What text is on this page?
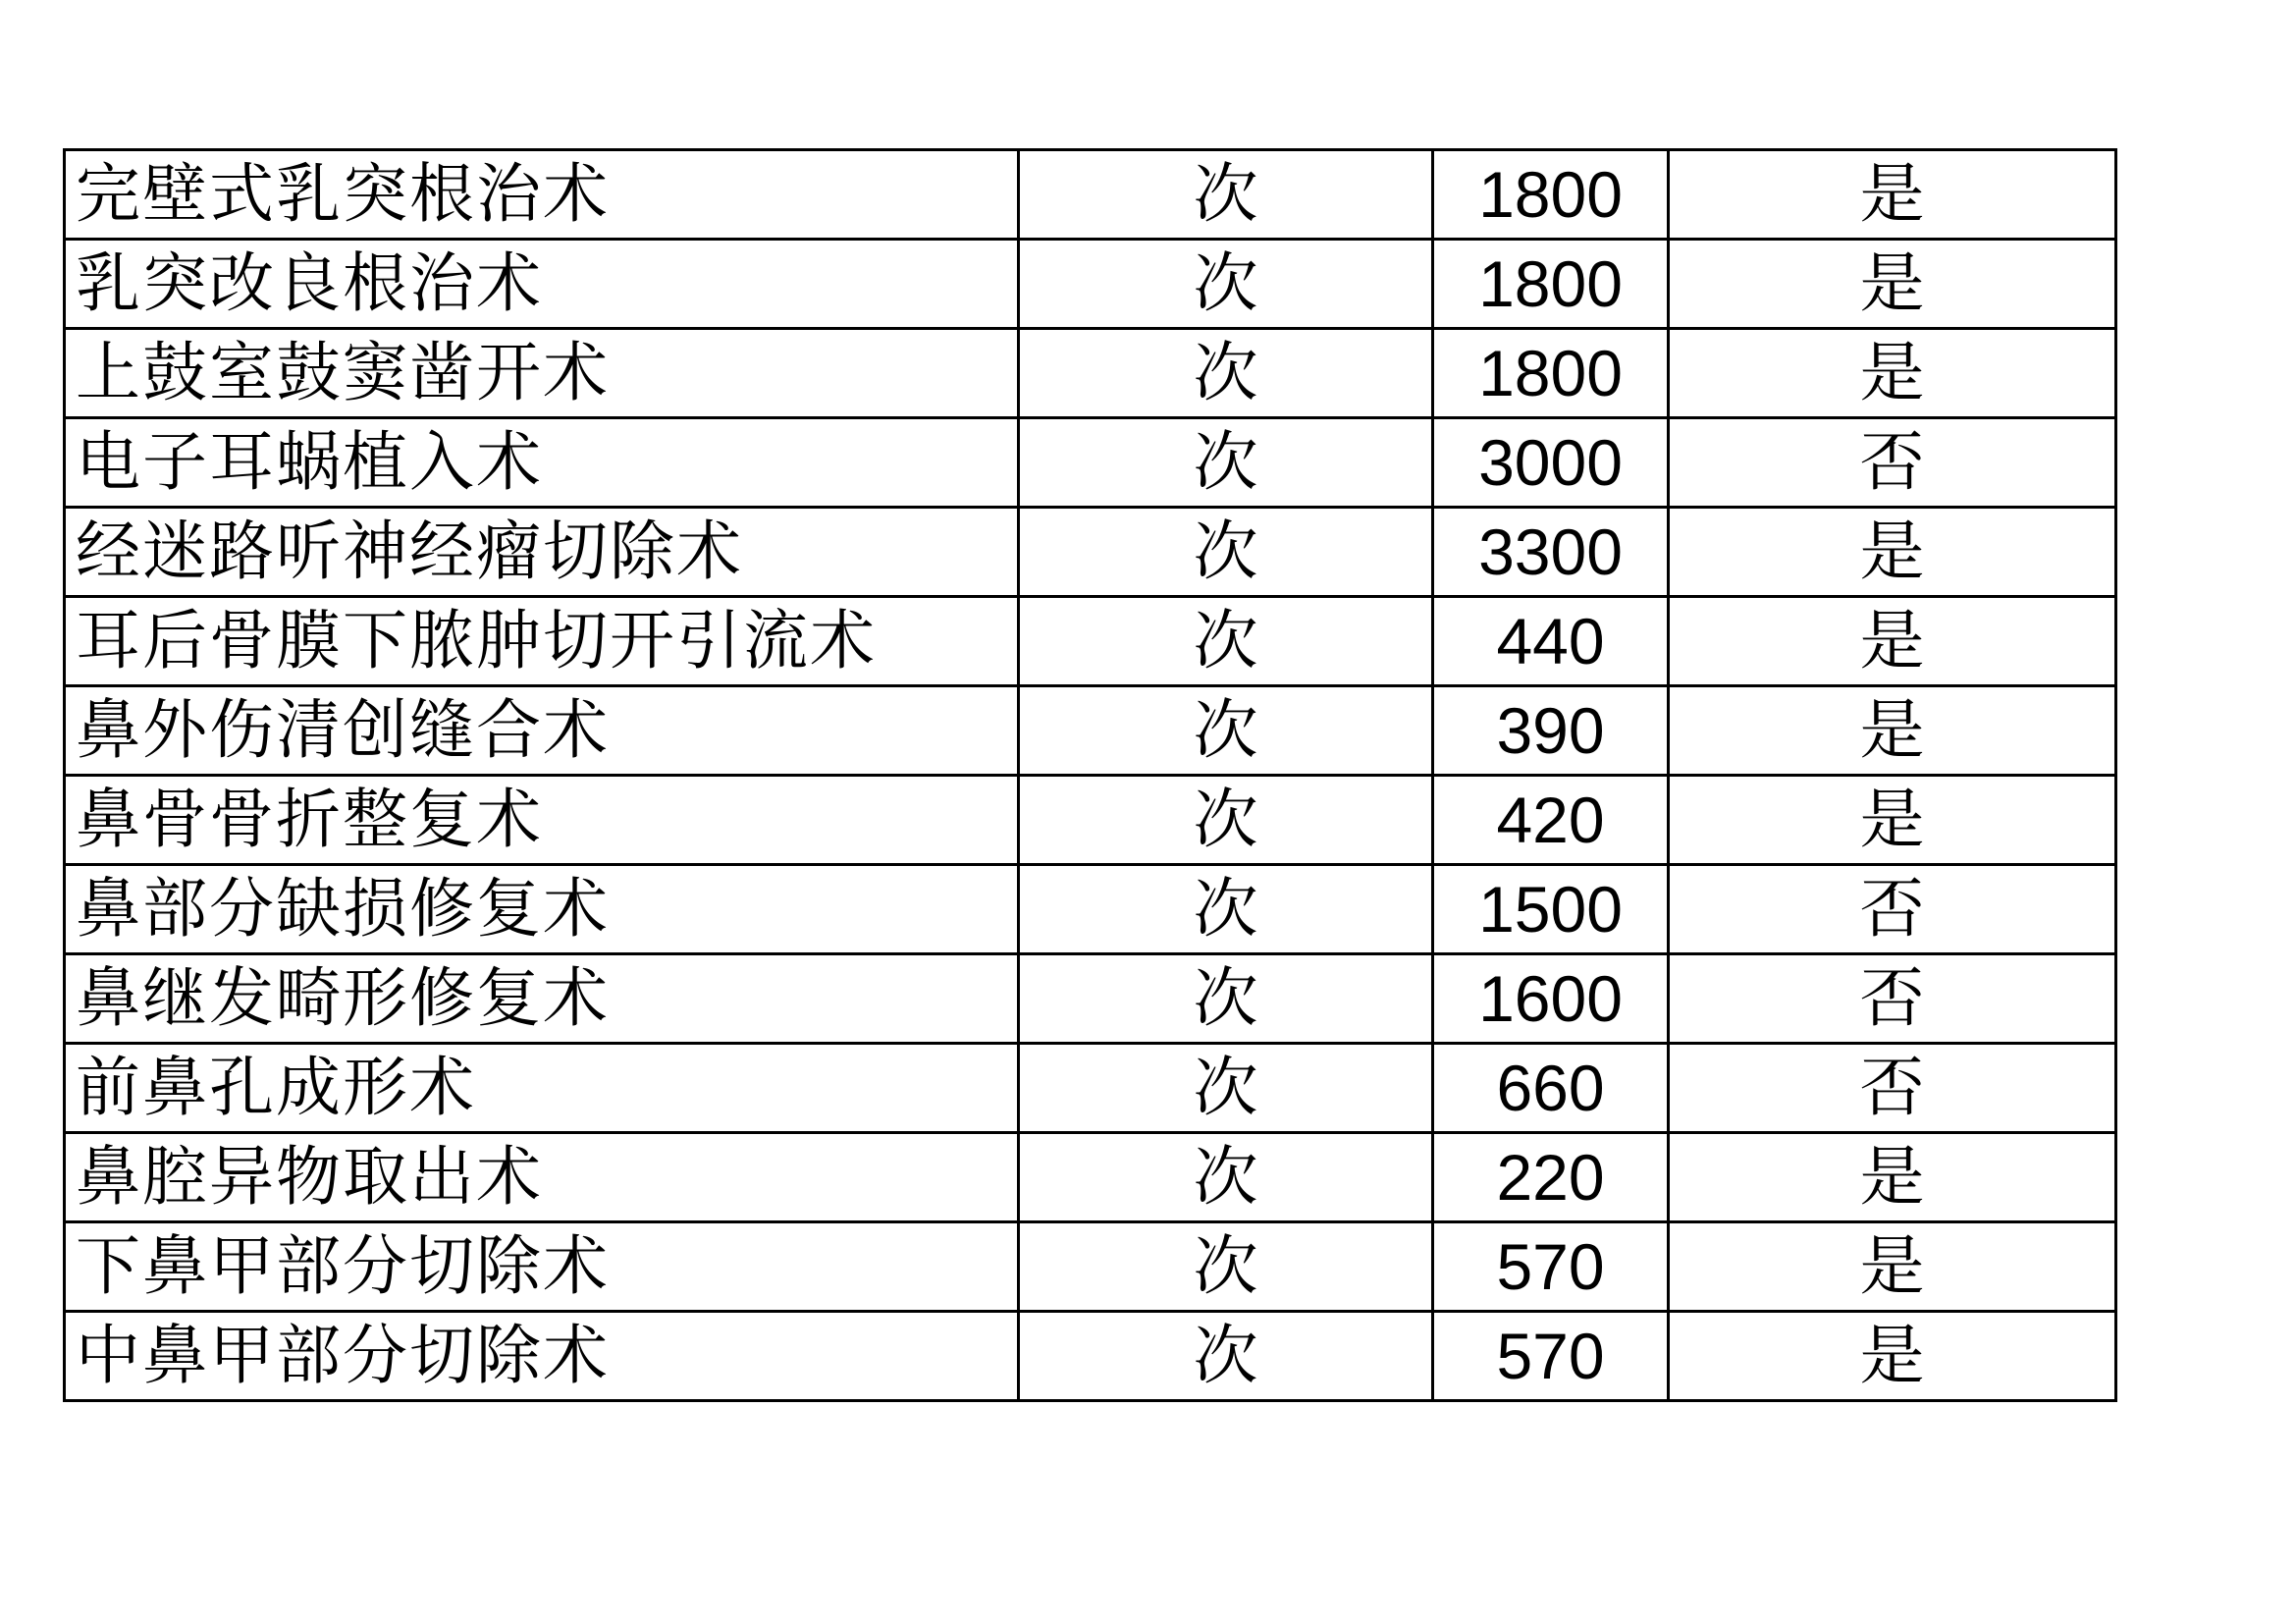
完壁式乳突根治术	次	1800	是
乳突改良根治术	次	1800	是
上鼓室鼓窦凿开术	次	1800	是
电子耳蜗植入术	次	3000	否
经迷路听神经瘤切除术	次	3300	是
耳后骨膜下脓肿切开引流术	次	440	是
鼻外伤清创缝合术	次	390	是
鼻骨骨折整复术	次	420	是
鼻部分缺损修复术	次	1500	否
鼻继发畸形修复术	次	1600	否
前鼻孔成形术	次	660	否
鼻腔异物取出术	次	220	是
下鼻甲部分切除术	次	570	是
中鼻甲部分切除术	次	570	是
